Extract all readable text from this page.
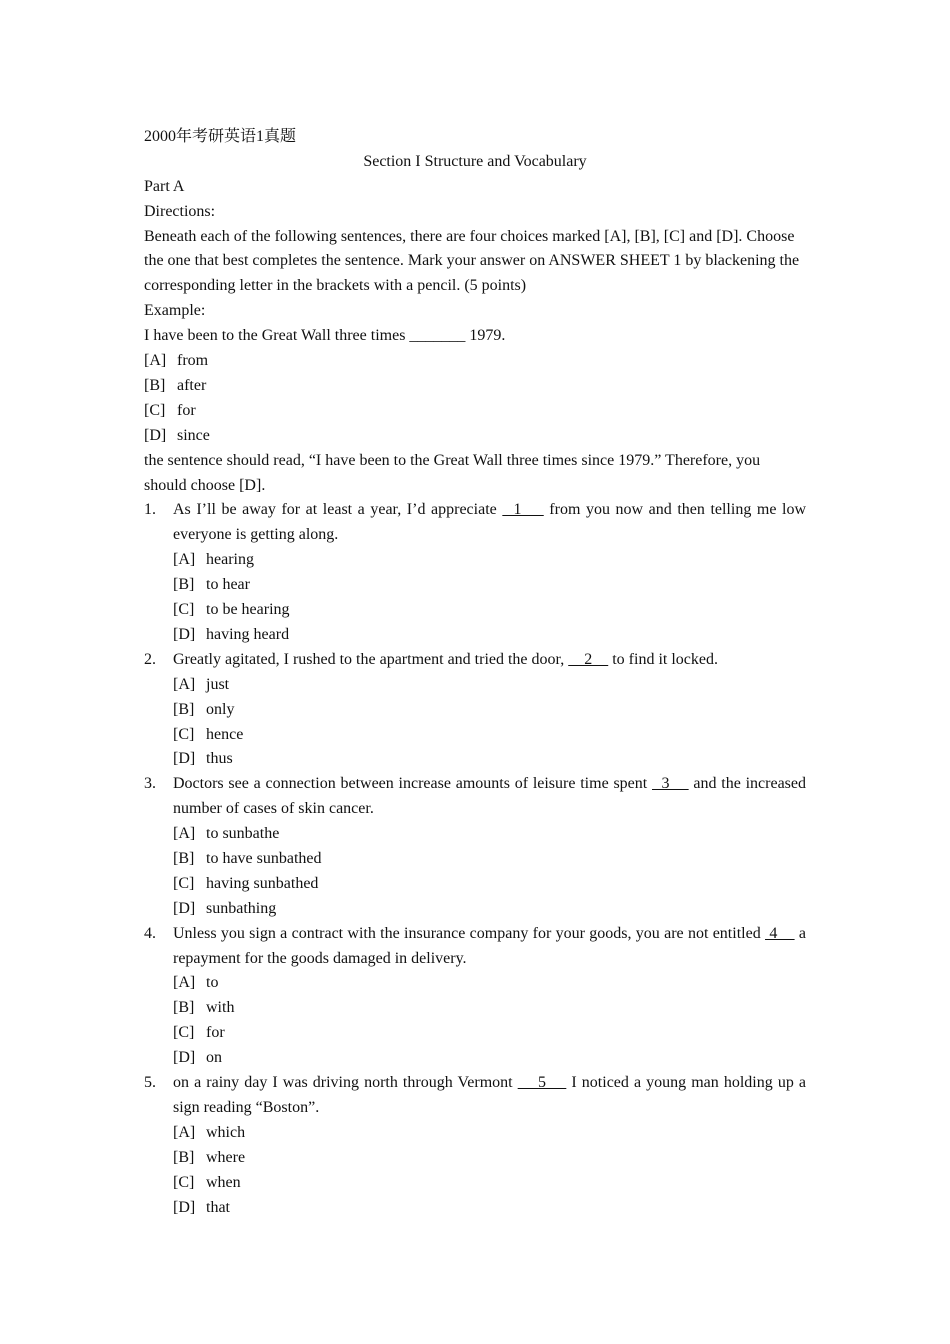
2000年考研英语1真题
Section I Structure and Vocabulary
Part A
Directions:
Beneath each of the following sentences, there are four choices marked [A], [B], [C] and [D]. Choose the one that best completes the sentence. Mark your answer on ANSWER SHEET 1 by blackening the corresponding letter in the brackets with a pencil. (5 points)
Example:
I have been to the Great Wall three times _______ 1979.
[A] from
[B] after
[C] for
[D] since
the sentence should read, “I have been to the Great Wall three times since 1979.” Therefore, you should choose [D].
1. As I’ll be away for at least a year, I’d appreciate   1     from you now and then telling me low everyone is getting along.
[A] hearing
[B] to hear
[C] to be hearing
[D] having heard
2. Greatly agitated, I rushed to the apartment and tried the door,     2     to find it locked.
[A] just
[B] only
[C] hence
[D] thus
3. Doctors see a connection between increase amounts of leisure time spent   3     and the increased number of cases of skin cancer.
[A] to sunbathe
[B] to have sunbathed
[C] having sunbathed
[D] sunbathing
4. Unless you sign a contract with the insurance company for your goods, you are not entitled  4     a repayment for the goods damaged in delivery.
[A] to
[B] with
[C] for
[D] on
5. on a rainy day I was driving north through Vermont     5     I noticed a young man holding up a sign reading “Boston”.
[A] which
[B] where
[C] when
[D] that
